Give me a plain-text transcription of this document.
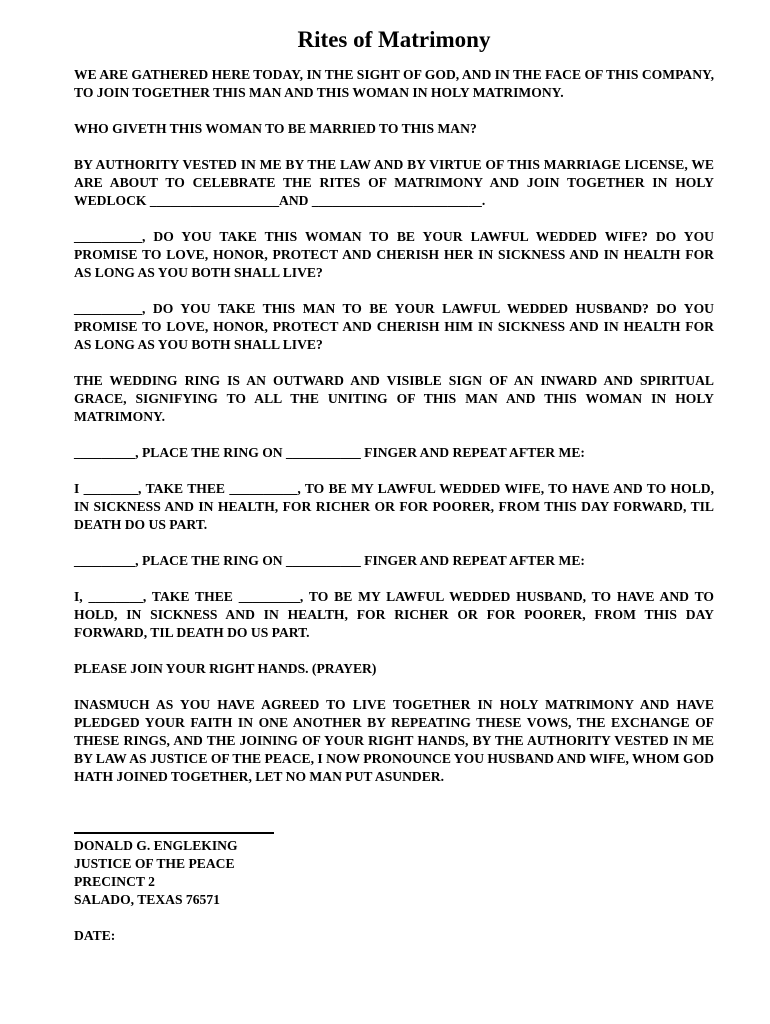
Rites of Matrimony

WE ARE GATHERED HERE TODAY, IN THE SIGHT OF GOD, AND IN THE FACE OF THIS COMPANY, TO JOIN TOGETHER THIS MAN AND THIS WOMAN IN HOLY MATRIMONY.

WHO GIVETH THIS WOMAN TO BE MARRIED TO THIS MAN?

BY AUTHORITY VESTED IN ME BY THE LAW AND BY VIRTUE OF THIS MARRIAGE LICENSE, WE ARE ABOUT TO CELEBRATE THE RITES OF MATRIMONY AND JOIN TOGETHER IN HOLY WEDLOCK ___________________AND _________________________.

__________, DO YOU TAKE THIS WOMAN TO BE YOUR LAWFUL WEDDED WIFE? DO YOU PROMISE TO LOVE, HONOR, PROTECT AND CHERISH HER IN SICKNESS AND IN HEALTH FOR AS LONG AS YOU BOTH SHALL LIVE?

__________, DO YOU TAKE THIS MAN TO BE YOUR LAWFUL WEDDED HUSBAND? DO YOU PROMISE TO LOVE, HONOR, PROTECT AND CHERISH HIM IN SICKNESS AND IN HEALTH FOR AS LONG AS YOU BOTH SHALL LIVE?

THE WEDDING RING IS AN OUTWARD AND VISIBLE SIGN OF AN INWARD AND SPIRITUAL GRACE, SIGNIFYING TO ALL THE UNITING OF THIS MAN AND THIS WOMAN IN HOLY MATRIMONY.

_________, PLACE THE RING ON ___________ FINGER AND REPEAT AFTER ME:

I ________, TAKE THEE __________, TO BE MY LAWFUL WEDDED WIFE, TO HAVE AND TO HOLD, IN SICKNESS AND IN HEALTH, FOR RICHER OR FOR POORER, FROM THIS DAY FORWARD, TIL DEATH DO US PART.

_________, PLACE THE RING ON ___________ FINGER AND REPEAT AFTER ME:

I, ________, TAKE THEE _________, TO BE MY LAWFUL WEDDED HUSBAND, TO HAVE AND TO HOLD, IN SICKNESS AND IN HEALTH, FOR RICHER OR FOR POORER, FROM THIS DAY FORWARD, TIL DEATH DO US PART.

PLEASE JOIN YOUR RIGHT HANDS. (PRAYER)

INASMUCH AS YOU HAVE AGREED TO LIVE TOGETHER IN HOLY MATRIMONY AND HAVE PLEDGED YOUR FAITH IN ONE ANOTHER BY REPEATING THESE VOWS, THE EXCHANGE OF THESE RINGS, AND THE JOINING OF YOUR RIGHT HANDS, BY THE AUTHORITY VESTED IN ME BY LAW AS JUSTICE OF THE PEACE, I NOW PRONOUNCE YOU HUSBAND AND WIFE, WHOM GOD HATH JOINED TOGETHER, LET NO MAN PUT ASUNDER.

DONALD G. ENGLEKING

JUSTICE OF THE PEACE

PRECINCT 2

SALADO, TEXAS 76571

DATE:
